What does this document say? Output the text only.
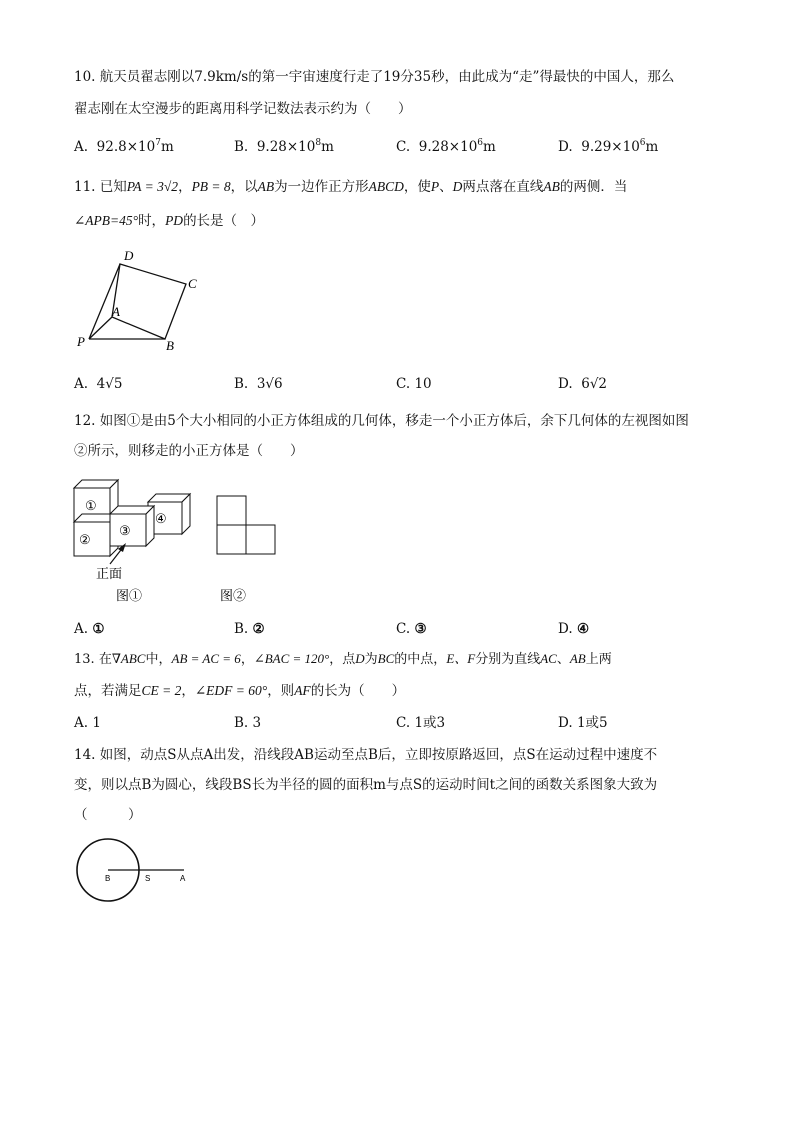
10. 航天员翟志刚以7.9km/s的第一宇宙速度行走了19分35秒，由此成为“走”得最快的中国人，那么
翟志刚在太空漫步的距离用科学记数法表示约为（　　）
A. $92.8\times 10^7m$	B. $9.28\times 10^8m$	C. $9.28\times 10^6m$	D. $9.29\times 10^6m$
11. 已知PA = 3√2，PB = 8，以AB为一边作正方形ABCD，使P、D两点落在直线AB的两侧．当
∠APB=45°时，PD的长是（　）
D
C
A
P	B
A. 4√5	B. 3√6	C. 10	D. 6√2
12. 如图①是由5个大小相同的小正方体组成的几何体，移走一个小正方体后，余下几何体的左视图如图
②所示，则移走的小正方体是（　　）
①
②
③
④
正面
图①	图②
A. ①	B. ②	C. ③	D. ④
13. 在∇ABC中，AB = AC = 6，∠BAC = 120°，点D为BC的中点，E、F分别为直线AC、AB上两
点，若满足CE = 2，∠EDF = 60°，则AF的长为（　　）
A. 1	B. 3	C. 1或3	D. 1或5
14. 如图，动点S从点A出发，沿线段AB运动至点B后，立即按原路返回，点S在运动过程中速度不
变，则以点B为圆心，线段BS长为半径的圆的面积m与点S的运动时间t之间的函数关系图象大致为
（　　　）
B	S	A
